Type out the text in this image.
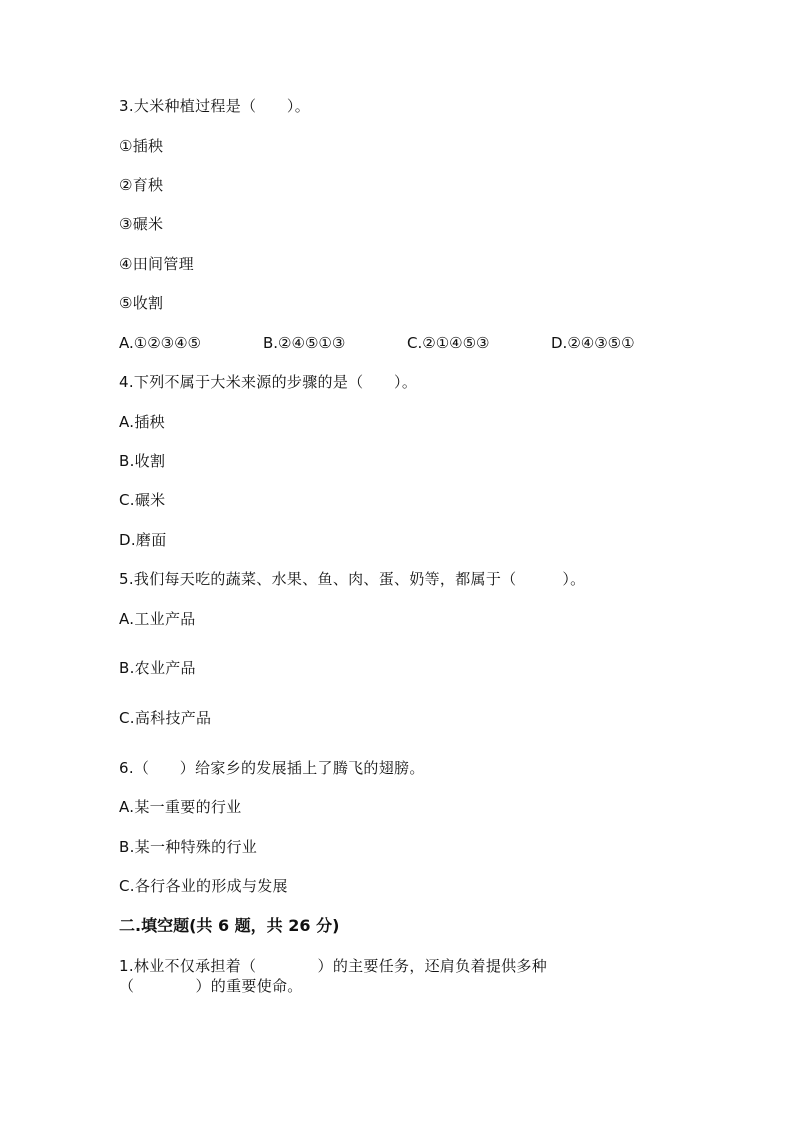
3.大米种植过程是（　　）。
①插秧
②育秧
③碾米
④田间管理
⑤收割

A.①②③④⑤

	B.②④⑤①③

	C.②①④⑤③

	D.②④③⑤①

4.下列不属于大米来源的步骤的是（　　）。
A.插秧
B.收割
C.碾米
D.磨面
5.我们每天吃的蔬菜、水果、鱼、肉、蛋、奶等，都属于（　　　）。
A.工业产品
B.农业产品
C.高科技产品
6.（　　）给家乡的发展插上了腾飞的翅膀。
A.某一重要的行业
B.某一种特殊的行业
C.各行各业的形成与发展
二.填空题(共 6 题，共 26 分)
1.林业不仅承担着（　　　　）的主要任务，还肩负着提供多种
（　　　　）的重要使命。
